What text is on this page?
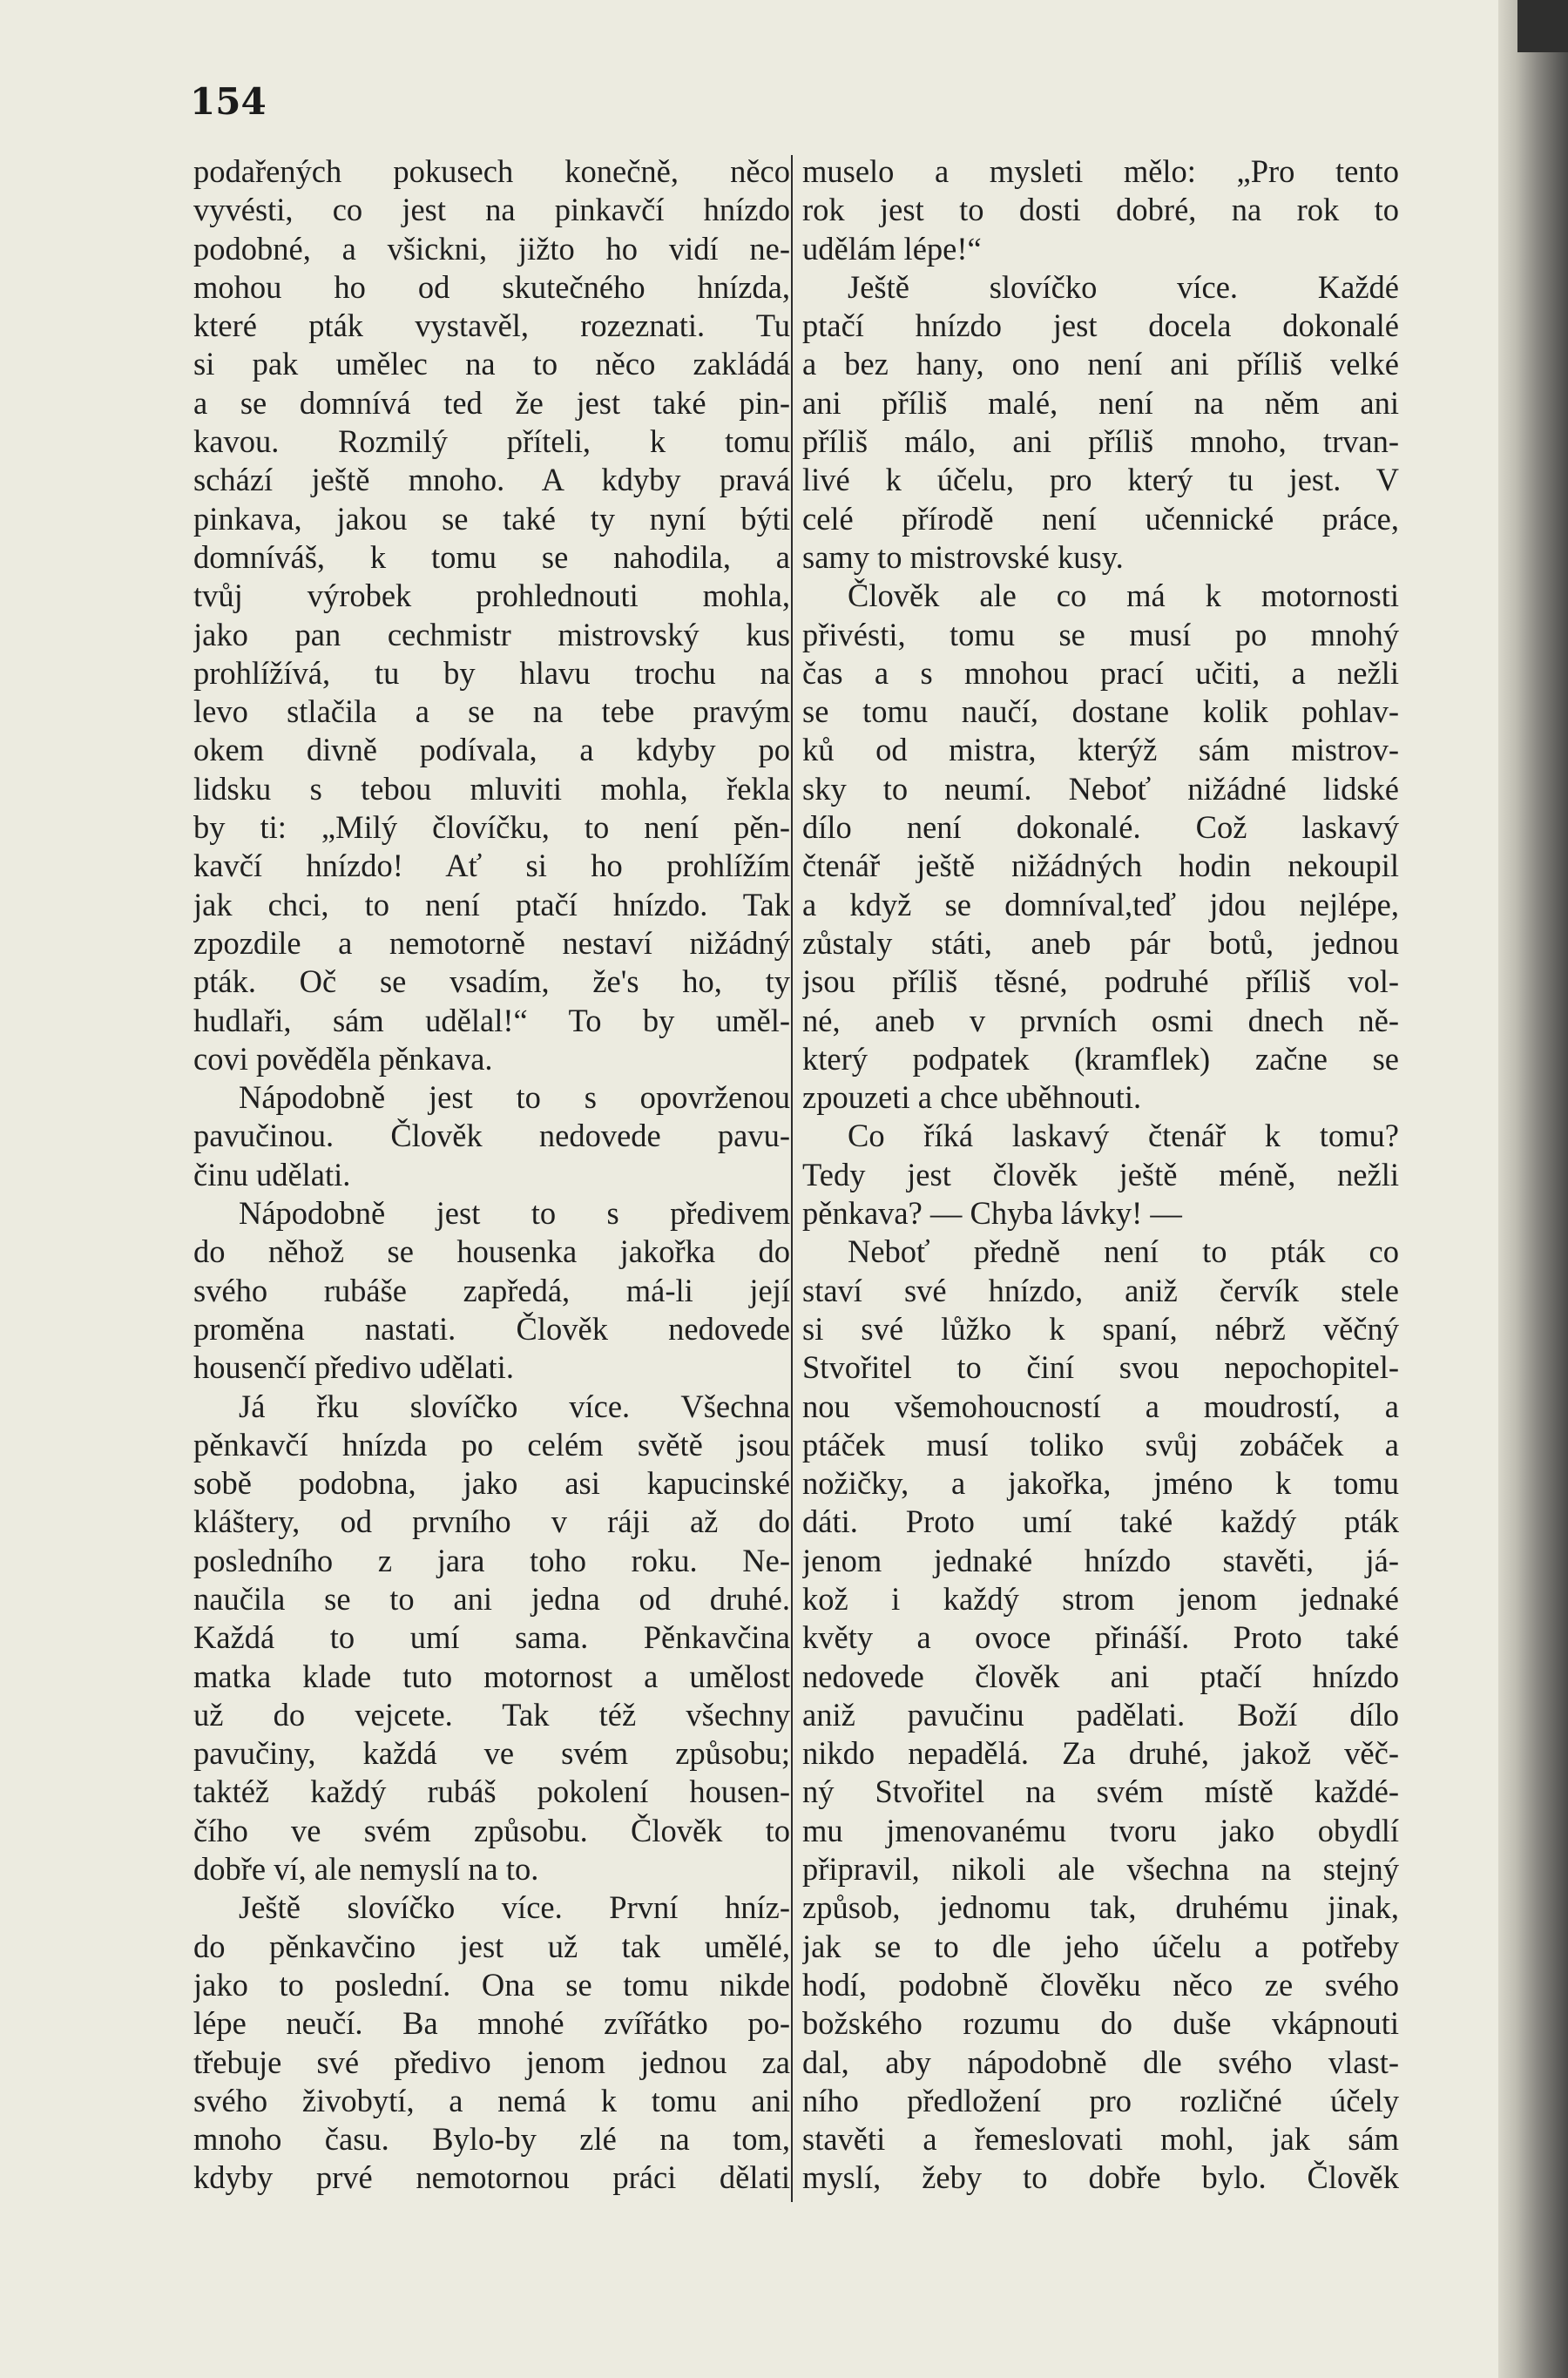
154
podařených pokusech konečně, něco
vyvésti, co jest na pinkavčí hnízdo
podobné, a všickni, jižto ho vidí ne-
mohou ho od skutečného hnízda,
které pták vystavěl, rozeznati. Tu
si pak umělec na to něco zakládá
a se domnívá ted že jest také pin-
kavou. Rozmilý příteli, k tomu
schází ještě mnoho. A kdyby pravá
pinkava, jakou se také ty nyní býti
domníváš, k tomu se nahodila, a
tvůj výrobek prohlednouti mohla,
jako pan cechmistr mistrovský kus
prohlížívá, tu by hlavu trochu na
levo stlačila a se na tebe pravým
okem divně podívala, a kdyby po
lidsku s tebou mluviti mohla, řekla
by ti: „Milý človíčku, to není pěn-
kavčí hnízdo! Ať si ho prohlížím
jak chci, to není ptačí hnízdo. Tak
zpozdile a nemotorně nestaví nižádný
pták. Oč se vsadím, že's ho, ty
hudlaři, sám udělal!“ To by uměl-
covi pověděla pěnkava.
Nápodobně jest to s opovrženou
pavučinou. Člověk nedovede pavu-
činu udělati.
Nápodobně jest to s předivem
do něhož se housenka jakořka do
svého rubáše zapředá, má-li její
proměna nastati. Člověk nedovede
housenčí předivo udělati.
Já řku slovíčko více. Všechna
pěnkavčí hnízda po celém světě jsou
sobě podobna, jako asi kapucinské
kláštery, od prvního v ráji až do
posledního z jara toho roku. Ne-
naučila se to ani jedna od druhé.
Každá to umí sama. Pěnkavčina
matka klade tuto motornost a umělost
už do vejcete. Tak též všechny
pavučiny, každá ve svém způsobu;
taktéž každý rubáš pokolení housen-
čího ve svém způsobu. Člověk to
dobře ví, ale nemyslí na to.
Ještě slovíčko více. První hníz-
do pěnkavčino jest už tak umělé,
jako to poslední. Ona se tomu nikde
lépe neučí. Ba mnohé zvířátko po-
třebuje své předivo jenom jednou za
svého živobytí, a nemá k tomu ani
mnoho času. Bylo-by zlé na tom,
kdyby prvé nemotornou práci dělati
muselo a mysleti mělo: „Pro tento
rok jest to dosti dobré, na rok to
udělám lépe!“
Ještě slovíčko více. Každé
ptačí hnízdo jest docela dokonalé
a bez hany, ono není ani příliš velké
ani příliš malé, není na něm ani
příliš málo, ani příliš mnoho, trvan-
livé k účelu, pro který tu jest. V
celé přírodě není učennické práce,
samy to mistrovské kusy.
Člověk ale co má k motornosti
přivésti, tomu se musí po mnohý
čas a s mnohou prací učiti, a nežli
se tomu naučí, dostane kolik pohlav-
ků od mistra, kterýž sám mistrov-
sky to neumí. Neboť nižádné lidské
dílo není dokonalé. Což laskavý
čtenář ještě nižádných hodin nekoupil
a když se domníval,teď jdou nejlépe,
zůstaly státi, aneb pár botů, jednou
jsou příliš těsné, podruhé příliš vol-
né, aneb v prvních osmi dnech ně-
který podpatek (kramflek) začne se
zpouzeti a chce uběhnouti.
Co říká laskavý čtenář k tomu?
Tedy jest člověk ještě méně, nežli
pěnkava? — Chyba lávky! —
Neboť předně není to pták co
staví své hnízdo, aniž červík stele
si své lůžko k spaní, nébrž věčný
Stvořitel to činí svou nepochopitel-
nou všemohoucností a moudrostí, a
ptáček musí toliko svůj zobáček a
nožičky, a jakořka, jméno k tomu
dáti. Proto umí také každý pták
jenom jednaké hnízdo stavěti, já-
kož i každý strom jenom jednaké
květy a ovoce přináší. Proto také
nedovede člověk ani ptačí hnízdo
aniž pavučinu padělati. Boží dílo
nikdo nepadělá. Za druhé, jakož věč-
ný Stvořitel na svém místě každé-
mu jmenovanému tvoru jako obydlí
připravil, nikoli ale všechna na stejný
způsob, jednomu tak, druhému jinak,
jak se to dle jeho účelu a potřeby
hodí, podobně člověku něco ze svého
božského rozumu do duše vkápnouti
dal, aby nápodobně dle svého vlast-
ního předložení pro rozličné účely
stavěti a řemeslovati mohl, jak sám
myslí, žeby to dobře bylo. Člověk
